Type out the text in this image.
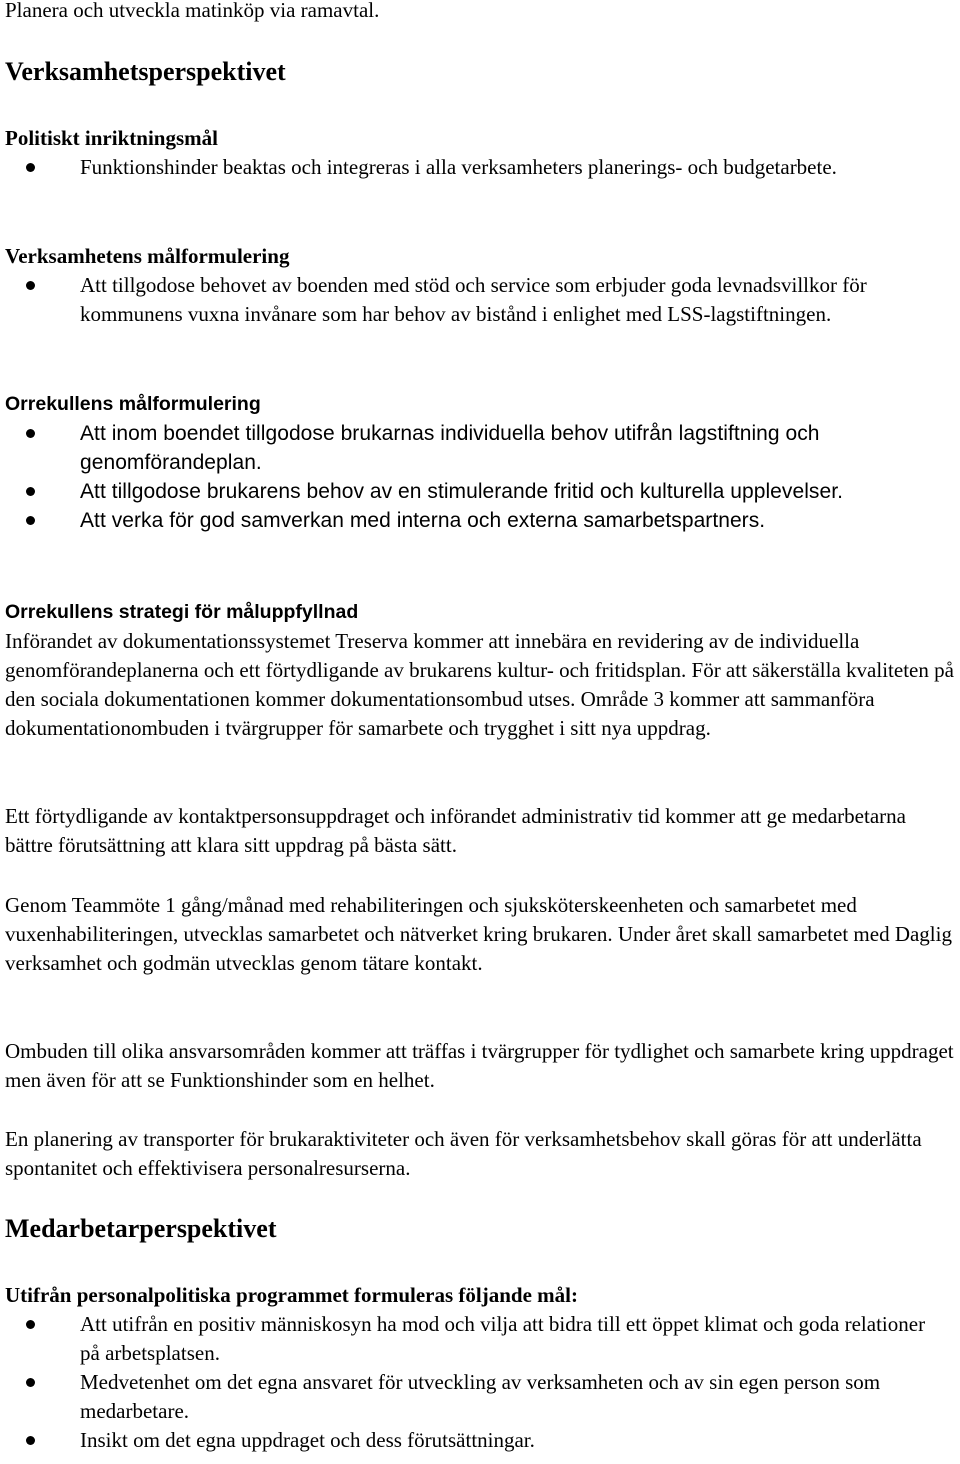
Planera och utveckla matinköp via ramavtal.
Verksamhetsperspektivet
Politiskt inriktningsmål
Funktionshinder beaktas och integreras i alla verksamheters planerings- och budgetarbete.
Verksamhetens målformulering
Att tillgodose behovet av boenden med stöd och service som erbjuder goda levnadsvillkor för kommunens vuxna invånare som har behov av bistånd i enlighet med LSS-lagstiftningen.
Orrekullens målformulering
Att inom boendet tillgodose brukarnas individuella behov utifrån lagstiftning och genomförandeplan.
Att tillgodose brukarens behov av en stimulerande fritid och kulturella upplevelser.
Att verka för god samverkan med interna och externa samarbetspartners.
Orrekullens strategi för måluppfyllnad

Införandet av dokumentationssystemet Treserva kommer att innebära en revidering av de individuella genomförandeplanerna och ett förtydligande av brukarens kultur- och fritidsplan. För att säkerställa kvaliteten på den sociala dokumentationen kommer dokumentationsombud utses. Område 3 kommer att sammanföra dokumentationombuden i tvärgrupper för samarbete och trygghet i sitt nya uppdrag.

Ett förtydligande av kontaktpersonsuppdraget och införandet administrativ tid kommer att ge medarbetarna bättre förutsättning att klara sitt uppdrag på bästa sätt.

Genom Teammöte 1 gång/månad med rehabiliteringen och sjuksköterskeenheten och samarbetet med vuxenhabiliteringen, utvecklas samarbetet och nätverket kring brukaren. Under året skall samarbetet med Daglig verksamhet och godmän utvecklas genom tätare kontakt.

Ombuden till olika ansvarsområden kommer att träffas i tvärgrupper för tydlighet och samarbete kring uppdraget men även för att se Funktionshinder som en helhet.

En planering av transporter för brukaraktiviteter och även för verksamhetsbehov skall göras för att underlätta spontanitet och effektivisera personalresurserna.

Medarbetarperspektivet
Utifrån personalpolitiska programmet formuleras följande mål:
Att utifrån en positiv människosyn ha mod och vilja att bidra till ett öppet klimat och goda relationer på arbetsplatsen.
Medvetenhet om det egna ansvaret för utveckling av verksamheten och av sin egen person som medarbetare.
Insikt om det egna uppdraget och dess förutsättningar.
